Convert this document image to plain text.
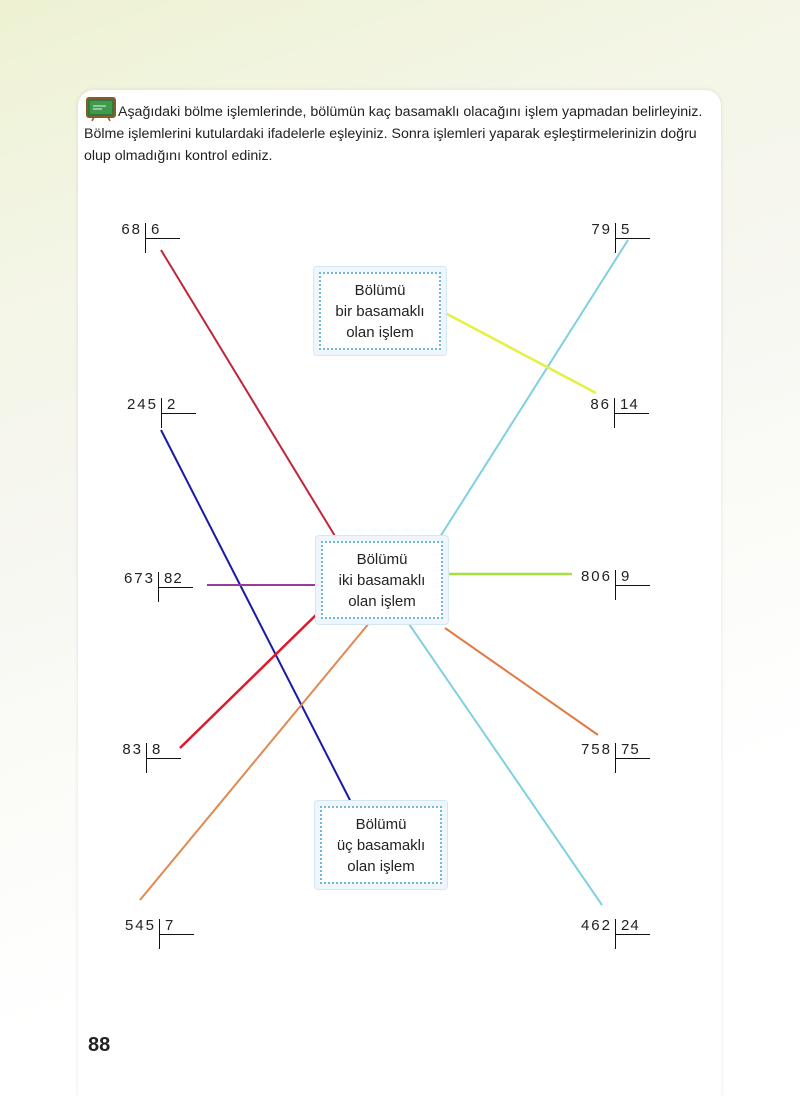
Aşağıdaki bölme işlemlerinde, bölümün kaç basamaklı olacağını işlem yapmadan belirleyiniz. Bölme işlemlerini kutulardaki ifadelerle eşleyiniz. Sonra işlemleri yaparak eşleştirmelerinizin doğru olup olmadığını kontrol ediniz.

Bölümü
bir basamaklı
olan işlem
Bölümü
iki basamaklı
olan işlem
Bölümü
üç basamaklı
olan işlem
68 6
245 2
673 82
83 8
545 7
79 5
86 14
806 9
758 75
462 24
88
